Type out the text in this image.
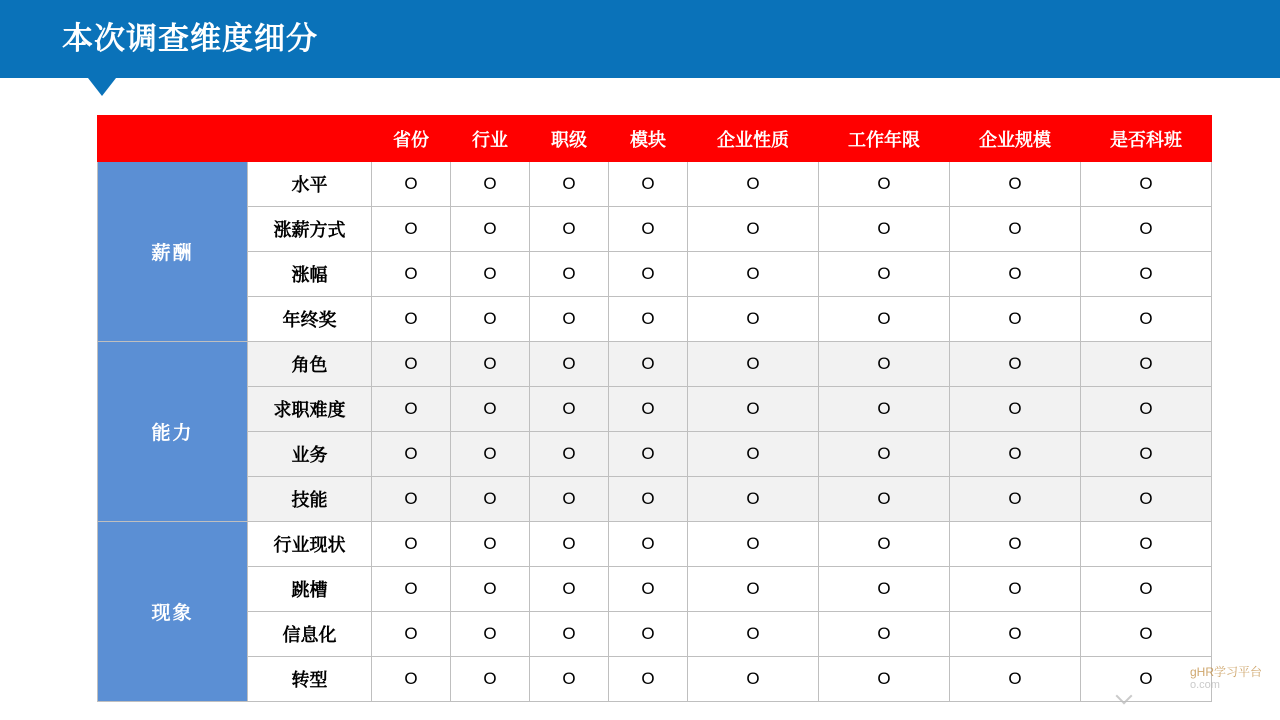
本次调查维度细分
		省份	行业	职级	模块	企业性质	工作年限	企业规模	是否科班
薪酬	水平	O	O	O	O	O	O	O	O
	涨薪方式	O	O	O	O	O	O	O	O
	涨幅	O	O	O	O	O	O	O	O
	年终奖	O	O	O	O	O	O	O	O
能力	角色	O	O	O	O	O	O	O	O
	求职难度	O	O	O	O	O	O	O	O
	业务	O	O	O	O	O	O	O	O
	技能	O	O	O	O	O	O	O	O
现象	行业现状	O	O	O	O	O	O	O	O
	跳槽	O	O	O	O	O	O	O	O
	信息化	O	O	O	O	O	O	O	O
	转型	O	O	O	O	O	O	O	O	gHR学习平台
o.com
